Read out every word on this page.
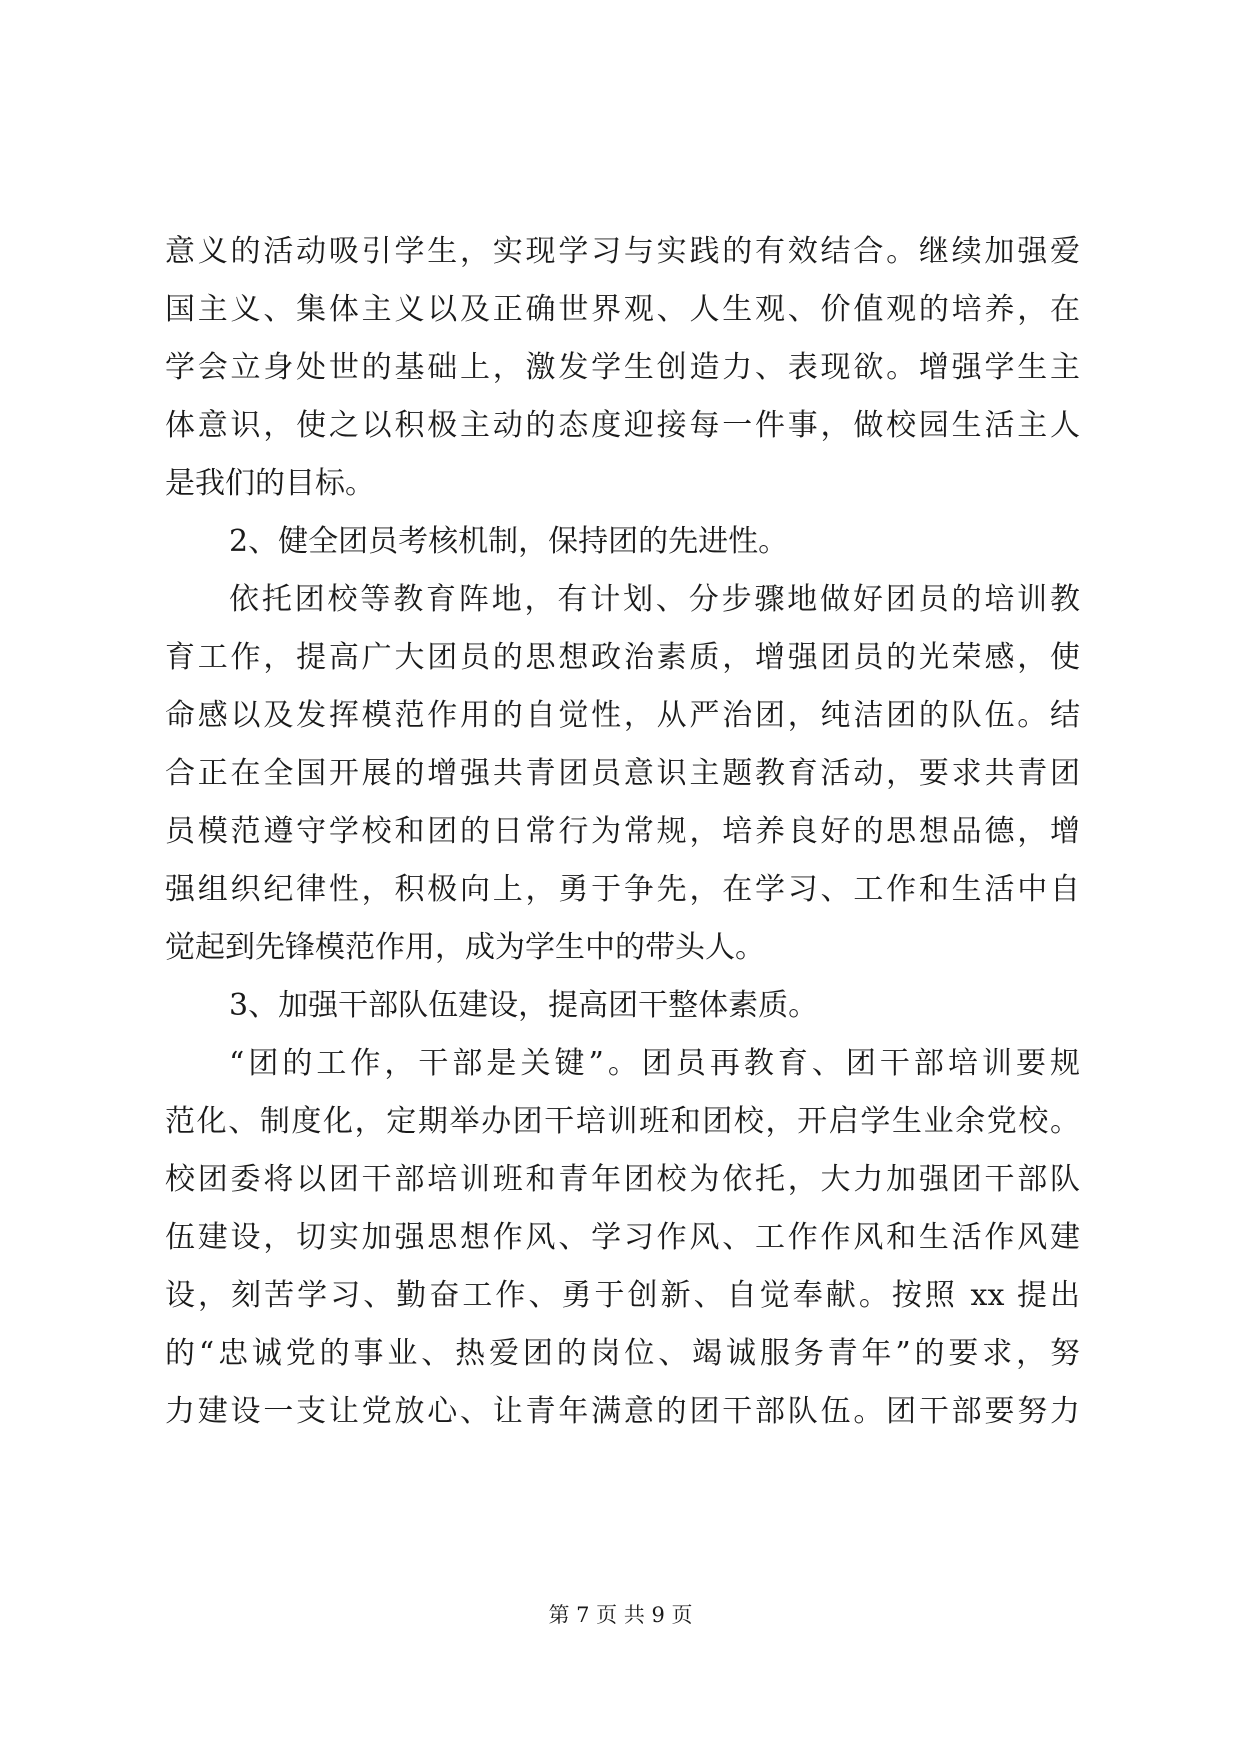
意义的活动吸引学生，实现学习与实践的有效结合。继续加强爱
国主义、集体主义以及正确世界观、人生观、价值观的培养，在
学会立身处世的基础上，激发学生创造力、表现欲。增强学生主
体意识，使之以积极主动的态度迎接每一件事，做校园生活主人
是我们的目标。
2、健全团员考核机制，保持团的先进性。
依托团校等教育阵地，有计划、分步骤地做好团员的培训教
育工作，提高广大团员的思想政治素质，增强团员的光荣感，使
命感以及发挥模范作用的自觉性，从严治团，纯洁团的队伍。结
合正在全国开展的增强共青团员意识主题教育活动，要求共青团
员模范遵守学校和团的日常行为常规，培养良好的思想品德，增
强组织纪律性，积极向上，勇于争先，在学习、工作和生活中自
觉起到先锋模范作用，成为学生中的带头人。
3、加强干部队伍建设，提高团干整体素质。
“团的工作，干部是关键”。团员再教育、团干部培训要规
范化、制度化，定期举办团干培训班和团校，开启学生业余党校。
校团委将以团干部培训班和青年团校为依托，大力加强团干部队
伍建设，切实加强思想作风、学习作风、工作作风和生活作风建
设，刻苦学习、勤奋工作、勇于创新、自觉奉献。按照 xx 提出
的“忠诚党的事业、热爱团的岗位、竭诚服务青年”的要求，努
力建设一支让党放心、让青年满意的团干部队伍。团干部要努力
第 7 页 共 9 页
